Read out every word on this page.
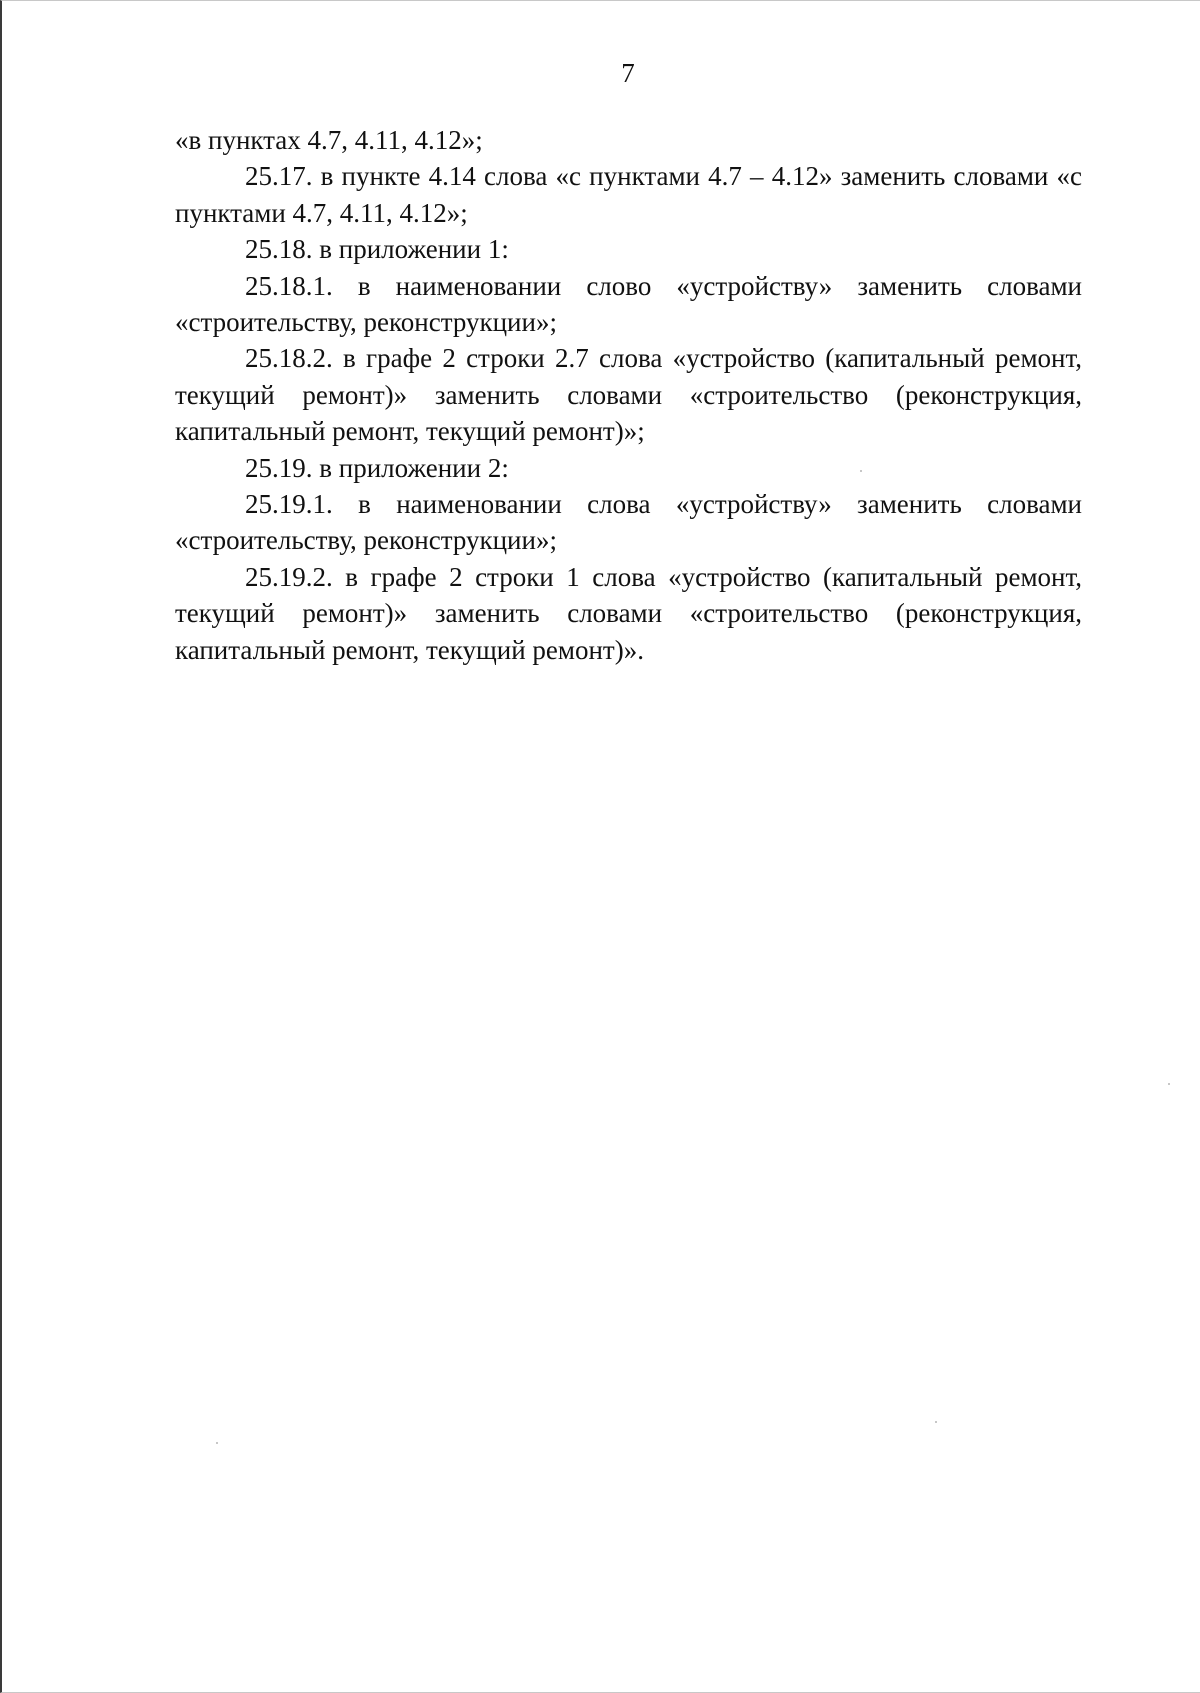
7

«в пунктах 4.7, 4.11, 4.12»;

25.17. в пункте 4.14 слова «с пунктами 4.7 – 4.12» заменить словами «с пунктами 4.7, 4.11, 4.12»;

25.18. в приложении 1:

25.18.1. в наименовании слово «устройству» заменить словами «строительству, реконструкции»;

25.18.2. в графе 2 строки 2.7 слова «устройство (капитальный ремонт, текущий ремонт)» заменить словами «строительство (реконструкция, капитальный ремонт, текущий ремонт)»;

25.19. в приложении 2:

25.19.1. в наименовании слова «устройству» заменить словами «строительству, реконструкции»;

25.19.2. в графе 2 строки 1 слова «устройство (капитальный ремонт, текущий ремонт)» заменить словами «строительство (реконструкция, капитальный ремонт, текущий ремонт)».
